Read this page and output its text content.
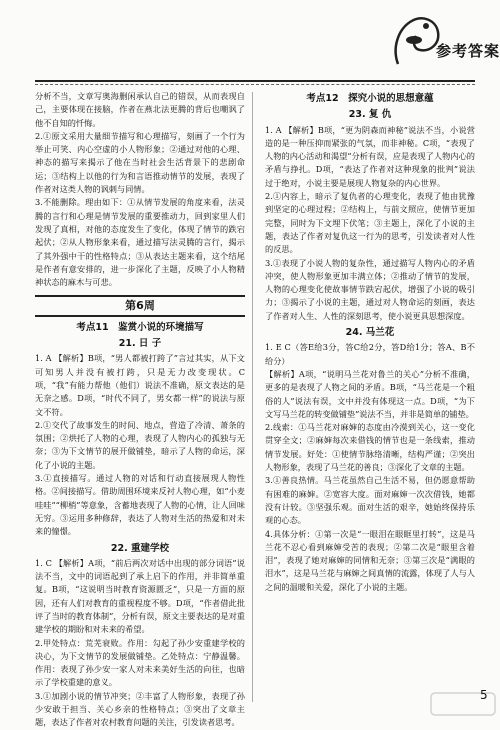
参考答案

分析不当，文章写奥海删闲承认自己的错误，从而表现自己，主要体现在接脑，作者在燕北法更腾的背后也嘲讽了他不自知的忏悔。

2.①原文采用大量细节描写和心理描写，刻画了一个行为举止可笑、内心空虚的小人物形象；②通过对他的心理、神态的描写来揭示了他在当时社会生活背景下的悲剧命运；③结构上以他的行为和言语推动情节的发展，表现了作者对这类人物的讽刺与同情。

3.不能删除。理由如下：①从情节发展的角度来看，法灵腾的言行和心理是情节发展的重要推动力，回到家里人们发现了真相，对他的态度发生了变化，体现了情节的跌宕起伏；②从人物形象来看，通过描写法灵腾的言行，揭示了其外强中干的性格特点；③从表达主题来看，这个结尾是作者有意安排的，进一步深化了主题，反映了小人物精神状态的麻木与可悲。

第6周
考点11　鉴赏小说的环境描写
21. 日 子

1. A 【解析】B项，“男人都被打跨了”言过其实，从下文可知男人并没有被打跨，只是无力改变现状。C项，“我”有能力帮他（他们）说法不准确，原文表达的是无奈之感。D项，“时代不同了，男女都一样”的说法与原文不符。

2.①交代了故事发生的时间、地点，营造了冷清、萧条的氛围；②烘托了人物的心理，表现了人物内心的孤独与无奈；③为下文情节的展开做铺垫，暗示了人物的命运，深化了小说的主题。

3.①直接描写。通过人物的对话和行动直接展现人物性格。②间接描写。借助周围环境来反衬人物心理，如“小麦哇哇”“柳梢”等意象，含蓄地表现了人物的心情，让人回味无穷。③运用多种修辞，表达了人物对生活的热爱和对未来的憧憬。

22. 重建学校

1. C 【解析】A项，“前后两次对话中出现的部分词语”说法不当，文中的词语起到了承上启下的作用，并非简单重复。B项，“这说明当时教育资源匮乏”，只是一方面的原因，还有人们对教育的重视程度不够。D项，“作者借此批评了当时的教育体制”，分析有误，原文主要表达的是对重建学校的期盼和对未来的希望。

2.甲处特点：荒芜衰败。作用：勾起了孙少安重建学校的决心，为下文情节的发展做铺垫。乙处特点：宁静温馨。作用：表现了孙少安一家人对未来美好生活的向往，也暗示了学校重建的意义。

3.①加剧小说的情节冲突；②丰富了人物形象，表现了孙少安敢于担当、关心乡亲的性格特点；③突出了文章主题，表达了作者对农村教育问题的关注，引发读者思考。

考点12　探究小说的思想意蕴
23. 复 仇

1. A 【解析】B项，“更为阴森而神秘”说法不当，小说营造的是一种压抑而紧张的气氛，而非神秘。C项，“表现了人物的内心活动和渴望”分析有误，应是表现了人物内心的矛盾与挣扎。D项，“表达了作者对这种现象的批判”说法过于绝对，小说主要是展现人物复杂的内心世界。

2.①内容上，暗示了复仇者的心理变化，表现了他由犹豫到坚定的心理过程；②结构上，与前文照应，使情节更加完整，同时为下文埋下伏笔；③主题上，深化了小说的主题，表达了作者对复仇这一行为的思考，引发读者对人性的反思。

3.①表现了小说人物的复杂性，通过描写人物内心的矛盾冲突，使人物形象更加丰满立体；②推动了情节的发展，人物的心理变化使故事情节跌宕起伏，增强了小说的吸引力；③揭示了小说的主题，通过对人物命运的刻画，表达了作者对人生、人性的深刻思考，使小说更具思想深度。

24. 马兰花

1. E C（答E给3分，答C给2分，答D给1分；答A、B不给分）

【解析】A项，“说明马兰花对鲁兰的关心”分析不准确，更多的是表现了人物之间的矛盾。B项，“马兰花是一个粗俗的人”说法有误，文中并没有体现这一点。D项，“为下文写马兰花的转变做铺垫”说法不当，并非是简单的铺垫。

2.线索：①马兰花对麻婶的态度由冷漠到关心，这一变化贯穿全文；②麻婶每次来借钱的情节也是一条线索，推动情节发展。好处：①使情节脉络清晰，结构严谨；②突出人物形象，表现了马兰花的善良；③深化了文章的主题。

3.①善良热情。马兰花虽然自己生活不易，但仍愿意帮助有困难的麻婶。②宽容大度。面对麻婶一次次借钱，她都没有计较。③坚强乐观。面对生活的艰辛，她始终保持乐观的心态。

4.具体分析：①第一次是“一眼泪在眼眶里打转”，这是马兰花不忍心看到麻婶受苦的表现；②第二次是“眼里含着泪”，表现了她对麻婶的同情和无奈；③第三次是“满眼的泪水”，这是马兰花与麻婶之间真情的流露，体现了人与人之间的温暖和关爱，深化了小说的主题。

5
